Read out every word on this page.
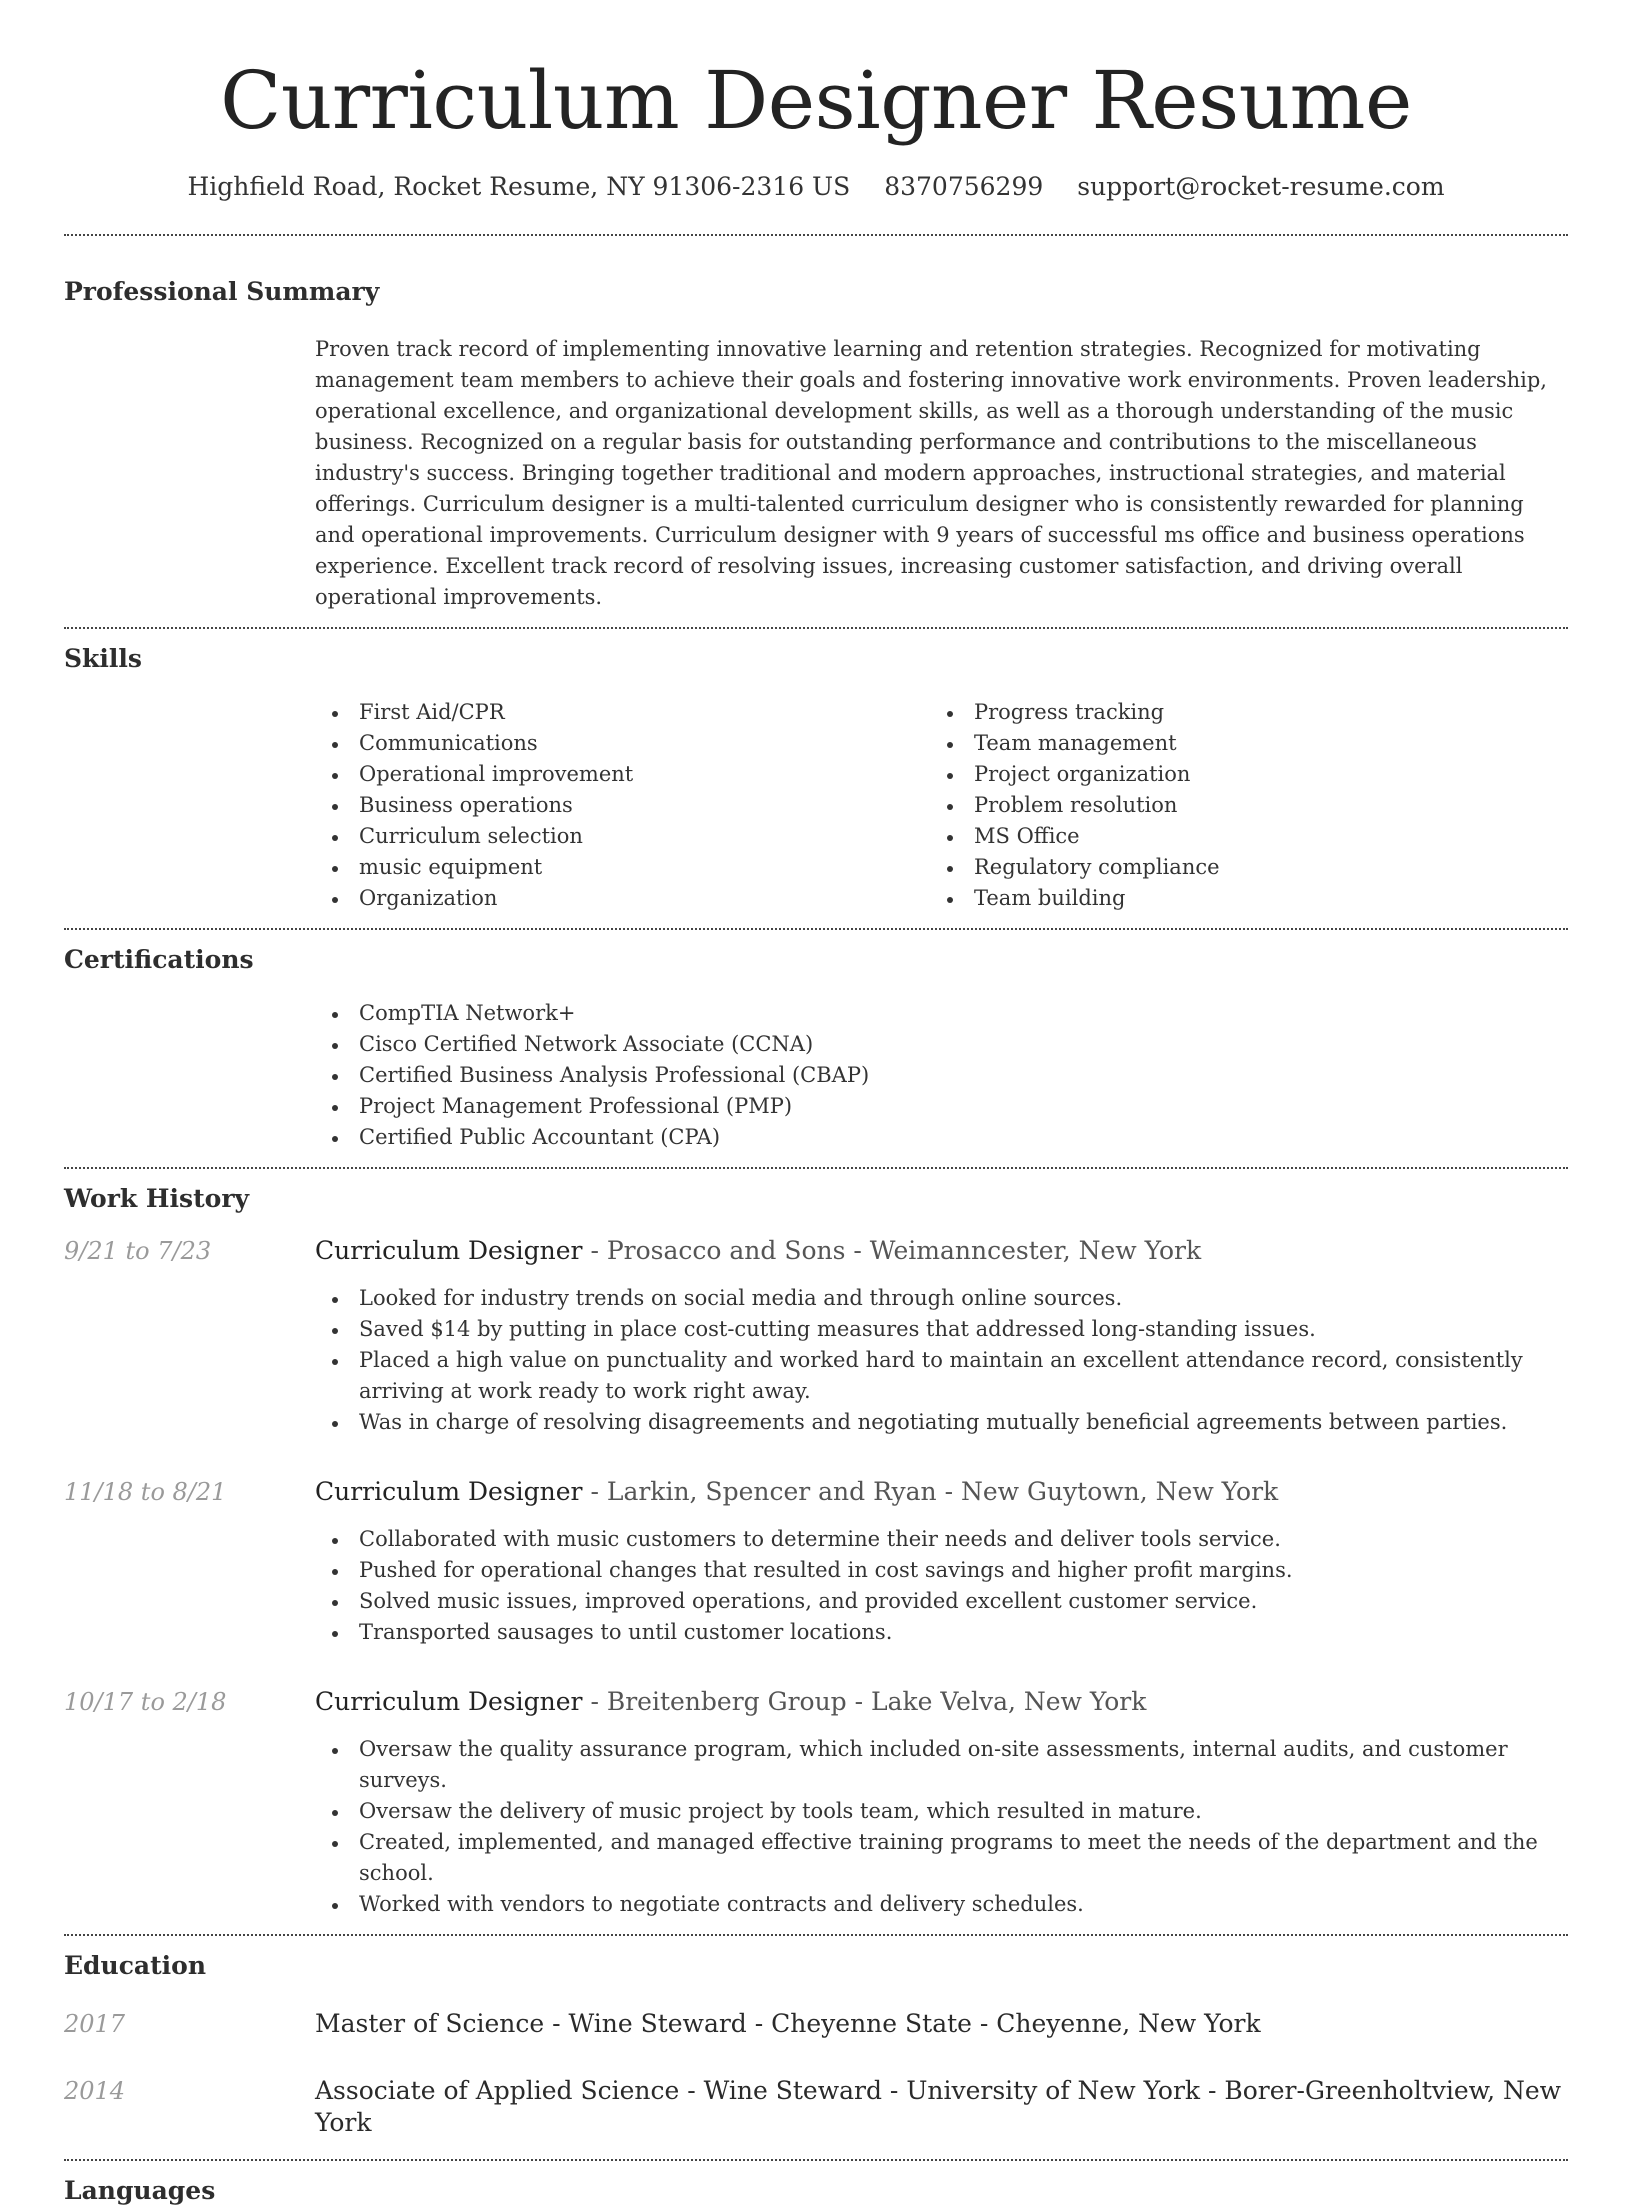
Curriculum Designer Resume
Highfield Road, Rocket Resume, NY 91306-2316 US 8370756299 support@rocket-resume.com
Professional Summary

Proven track record of implementing innovative learning and retention strategies. Recognized for motivating management team members to achieve their goals and fostering innovative work environments. Proven leadership, operational excellence, and organizational development skills, as well as a thorough understanding of the music business. Recognized on a regular basis for outstanding performance and contributions to the miscellaneous industry's success. Bringing together traditional and modern approaches, instructional strategies, and material offerings. Curriculum designer is a multi-talented curriculum designer who is consistently rewarded for planning and operational improvements. Curriculum designer with 9 years of successful ms office and business operations experience. Excellent track record of resolving issues, increasing customer satisfaction, and driving overall operational improvements.

Skills
First Aid/CPR
Communications
Operational improvement
Business operations
Curriculum selection
music equipment
Organization
Progress tracking
Team management
Project organization
Problem resolution
MS Office
Regulatory compliance
Team building
Certifications
CompTIA Network+
Cisco Certified Network Associate (CCNA)
Certified Business Analysis Professional (CBAP)
Project Management Professional (PMP)
Certified Public Accountant (CPA)
Work History
9/21 to 7/23	Curriculum Designer - Prosacco and Sons - Weimanncester, New York
Looked for industry trends on social media and through online sources.
Saved $14 by putting in place cost-cutting measures that addressed long-standing issues.
Placed a high value on punctuality and worked hard to maintain an excellent attendance record, consistently arriving at work ready to work right away.
Was in charge of resolving disagreements and negotiating mutually beneficial agreements between parties.
11/18 to 8/21	Curriculum Designer - Larkin, Spencer and Ryan - New Guytown, New York
Collaborated with music customers to determine their needs and deliver tools service.
Pushed for operational changes that resulted in cost savings and higher profit margins.
Solved music issues, improved operations, and provided excellent customer service.
Transported sausages to until customer locations.
10/17 to 2/18	Curriculum Designer - Breitenberg Group - Lake Velva, New York
Oversaw the quality assurance program, which included on-site assessments, internal audits, and customer surveys.
Oversaw the delivery of music project by tools team, which resulted in mature.
Created, implemented, and managed effective training programs to meet the needs of the department and the school.
Worked with vendors to negotiate contracts and delivery schedules.
Education
2017	Master of Science - Wine Steward - Cheyenne State - Cheyenne, New York
2014	Associate of Applied Science - Wine Steward - University of New York - Borer-Greenholtview, New York
Languages
